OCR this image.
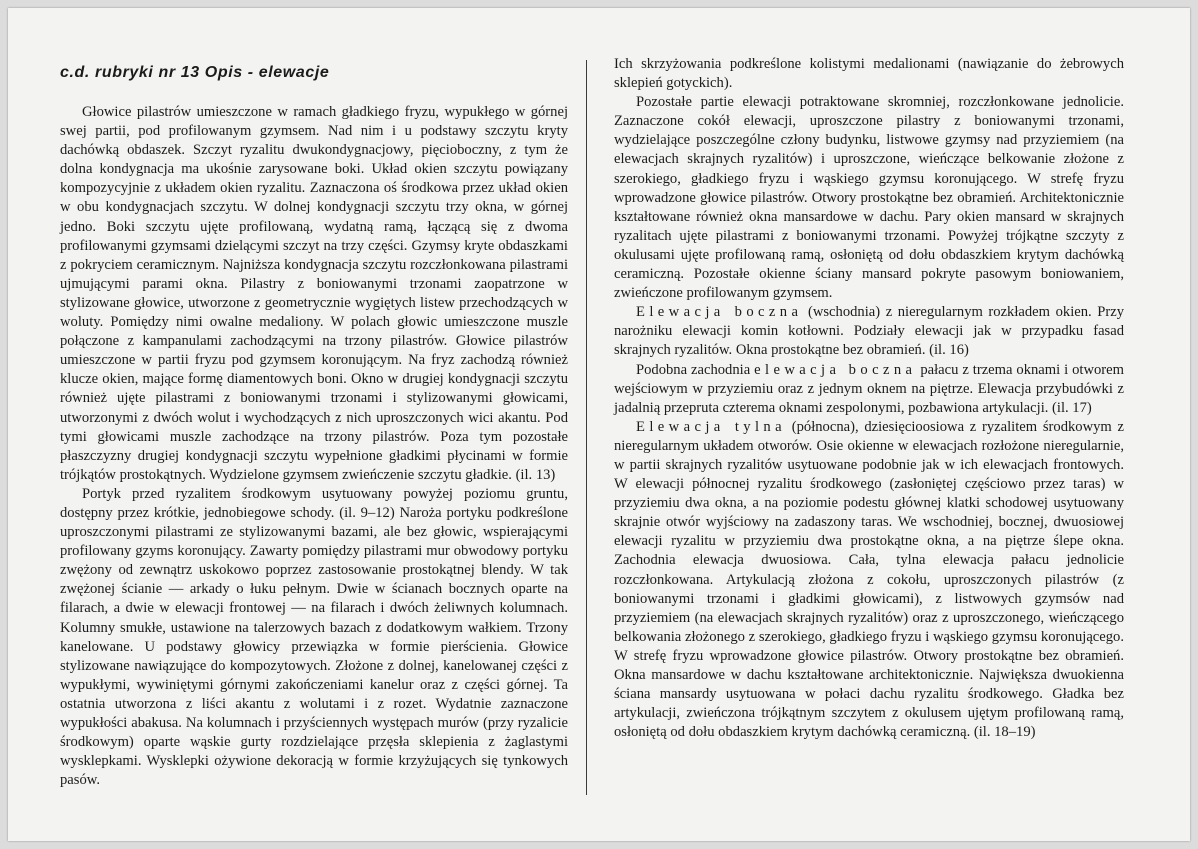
c.d. rubryki nr 13 Opis - elewacje

Głowice pilastrów umieszczone w ramach gładkiego fryzu, wypukłego w górnej swej partii, pod profilowanym gzymsem. Nad nim i u podstawy szczytu kryty dachówką obdaszek. Szczyt ryzalitu dwukondygnacjowy, pięcioboczny, z tym że dolna kondygnacja ma ukośnie zarysowane boki. Układ okien szczytu powiązany kompozycyjnie z układem okien ryzalitu. Zaznaczona oś środkowa przez układ okien w obu kondygnacjach szczytu. W dolnej kondygnacji szczytu trzy okna, w górnej jedno. Boki szczytu ujęte profilowaną, wydatną ramą, łączącą się z dwoma profilowanymi gzymsami dzielącymi szczyt na trzy części. Gzymsy kryte obdaszkami z pokryciem ceramicznym. Najniższa kondygnacja szczytu rozczłonkowana pilastrami ujmującymi parami okna. Pilastry z boniowanymi trzonami zaopatrzone w stylizowane głowice, utworzone z geometrycznie wygiętych listew przechodzących w woluty. Pomiędzy nimi owalne medaliony. W polach głowic umieszczone muszle połączone z kampanulami zachodzącymi na trzony pilastrów. Głowice pilastrów umieszczone w partii fryzu pod gzymsem koronującym. Na fryz zachodzą również klucze okien, mające formę diamentowych boni. Okno w drugiej kondygnacji szczytu również ujęte pilastrami z boniowanymi trzonami i stylizowanymi głowicami, utworzonymi z dwóch wolut i wychodzących z nich uproszczonych wici akantu. Pod tymi głowicami muszle zachodzące na trzony pilastrów. Poza tym pozostałe płaszczyzny drugiej kondygnacji szczytu wypełnione gładkimi płycinami w formie trójkątów prostokątnych. Wydzielone gzymsem zwieńczenie szczytu gładkie. (il. 13)

Portyk przed ryzalitem środkowym usytuowany powyżej poziomu gruntu, dostępny przez krótkie, jednobiegowe schody. (il. 9–12) Naroża portyku podkreślone uproszczonymi pilastrami ze stylizowanymi bazami, ale bez głowic, wspierającymi profilowany gzyms koronujący. Zawarty pomiędzy pilastrami mur obwodowy portyku zwężony od zewnątrz uskokowo poprzez zastosowanie prostokątnej blendy. W tak zwężonej ścianie — arkady o łuku pełnym. Dwie w ścianach bocznych oparte na filarach, a dwie w elewacji frontowej — na filarach i dwóch żeliwnych kolumnach. Kolumny smukłe, ustawione na talerzowych bazach z dodatkowym wałkiem. Trzony kanelowane. U podstawy głowicy przewiązka w formie pierścienia. Głowice stylizowane nawiązujące do kompozytowych. Złożone z dolnej, kanelowanej części z wypukłymi, wywiniętymi górnymi zakończeniami kanelur oraz z części górnej. Ta ostatnia utworzona z liści akantu z wolutami i z rozet. Wydatnie zaznaczone wypukłości abakusa. Na kolumnach i przyściennych występach murów (przy ryzalicie środkowym) oparte wąskie gurty rozdzielające przęsła sklepienia z żaglastymi wysklepkami. Wysklepki ożywione dekoracją w formie krzyżujących się tynkowych pasów.

Ich skrzyżowania podkreślone kolistymi medalionami (nawiązanie do żebrowych sklepień gotyckich).

Pozostałe partie elewacji potraktowane skromniej, rozczłonkowane jednolicie. Zaznaczone cokół elewacji, uproszczone pilastry z boniowanymi trzonami, wydzielające poszczególne człony budynku, listwowe gzymsy nad przyziemiem (na elewacjach skrajnych ryzalitów) i uproszczone, wieńczące belkowanie złożone z szerokiego, gładkiego fryzu i wąskiego gzymsu koronującego. W strefę fryzu wprowadzone głowice pilastrów. Otwory prostokątne bez obramień. Architektonicznie kształtowane również okna mansardowe w dachu. Pary okien mansard w skrajnych ryzalitach ujęte pilastrami z boniowanymi trzonami. Powyżej trójkątne szczyty z okulusami ujęte profilowaną ramą, osłoniętą od dołu obdaszkiem krytym dachówką ceramiczną. Pozostałe okienne ściany mansard pokryte pasowym boniowaniem, zwieńczone profilowanym gzymsem.

Elewacja boczna (wschodnia) z nieregularnym rozkładem okien. Przy narożniku elewacji komin kotłowni. Podziały elewacji jak w przypadku fasad skrajnych ryzalitów. Okna prostokątne bez obramień. (il. 16)

Podobna zachodnia elewacja boczna pałacu z trzema oknami i otworem wejściowym w przyziemiu oraz z jednym oknem na piętrze. Elewacja przybudówki z jadalnią przepruta czterema oknami zespolonymi, pozbawiona artykulacji. (il. 17)

Elewacja tylna (północna), dziesięcioosiowa z ryzalitem środkowym z nieregularnym układem otworów. Osie okienne w elewacjach rozłożone nieregularnie, w partii skrajnych ryzalitów usytuowane podobnie jak w ich elewacjach frontowych. W elewacji północnej ryzalitu środkowego (zasłoniętej częściowo przez taras) w przyziemiu dwa okna, a na poziomie podestu głównej klatki schodowej usytuowany skrajnie otwór wyjściowy na zadaszony taras. We wschodniej, bocznej, dwuosiowej elewacji ryzalitu w przyziemiu dwa prostokątne okna, a na piętrze ślepe okna. Zachodnia elewacja dwuosiowa. Cała, tylna elewacja pałacu jednolicie rozczłonkowana. Artykulacją złożona z cokołu, uproszczonych pilastrów (z boniowanymi trzonami i gładkimi głowicami), z listwowych gzymsów nad przyziemiem (na elewacjach skrajnych ryzalitów) oraz z uproszczonego, wieńczącego belkowania złożonego z szerokiego, gładkiego fryzu i wąskiego gzymsu koronującego. W strefę fryzu wprowadzone głowice pilastrów. Otwory prostokątne bez obramień. Okna mansardowe w dachu kształtowane architektonicznie. Największa dwuokienna ściana mansardy usytuowana w połaci dachu ryzalitu środkowego. Gładka bez artykulacji, zwieńczona trójkątnym szczytem z okulusem ujętym profilowaną ramą, osłoniętą od dołu obdaszkiem krytym dachówką ceramiczną. (il. 18–19)
